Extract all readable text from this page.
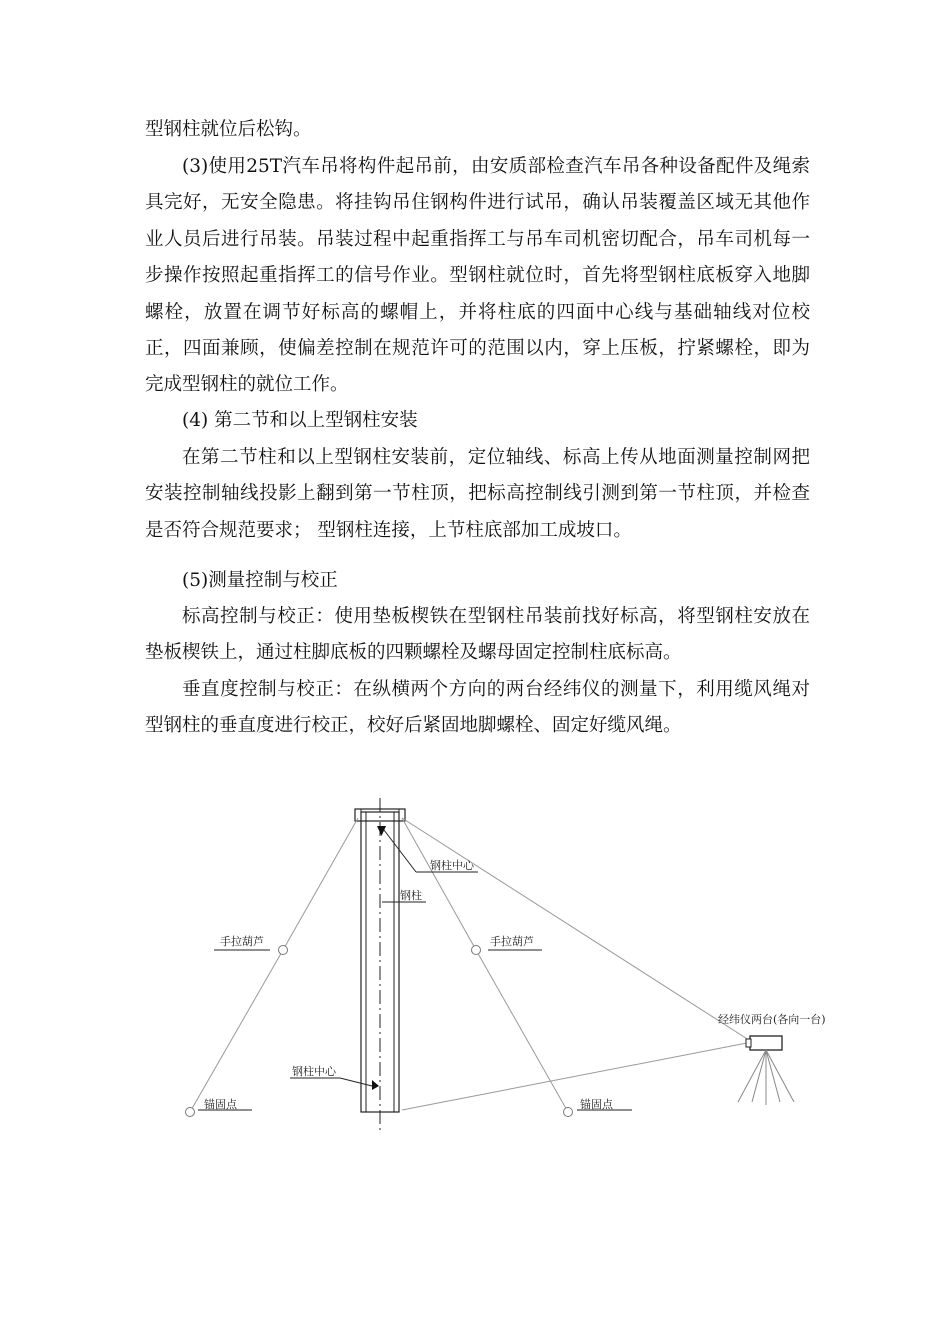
型钢柱就位后松钩。

(3)使用25T汽车吊将构件起吊前，由安质部检查汽车吊各种设备配件及绳索具完好，无安全隐患。将挂钩吊住钢构件进行试吊，确认吊装覆盖区域无其他作业人员后进行吊装。吊装过程中起重指挥工与吊车司机密切配合，吊车司机每一步操作按照起重指挥工的信号作业。型钢柱就位时，首先将型钢柱底板穿入地脚螺栓，放置在调节好标高的螺帽上，并将柱底的四面中心线与基础轴线对位校正，四面兼顾，使偏差控制在规范许可的范围以内，穿上压板，拧紧螺栓，即为完成型钢柱的就位工作。

(4) 第二节和以上型钢柱安装

在第二节柱和以上型钢柱安装前，定位轴线、标高上传从地面测量控制网把安装控制轴线投影上翻到第一节柱顶，把标高控制线引测到第一节柱顶，并检查是否符合规范要求； 型钢柱连接，上节柱底部加工成坡口。

(5)测量控制与校正

标高控制与校正：使用垫板楔铁在型钢柱吊装前找好标高，将型钢柱安放在垫板楔铁上，通过柱脚底板的四颗螺栓及螺母固定控制柱底标高。

垂直度控制与校正：在纵横两个方向的两台经纬仪的测量下，利用缆风绳对型钢柱的垂直度进行校正，校好后紧固地脚螺栓、固定好缆风绳。

钢柱中心
钢柱
手拉葫芦	手拉葫芦
经纬仪两台(各向一台)
钢柱中心
锚固点	锚固点
